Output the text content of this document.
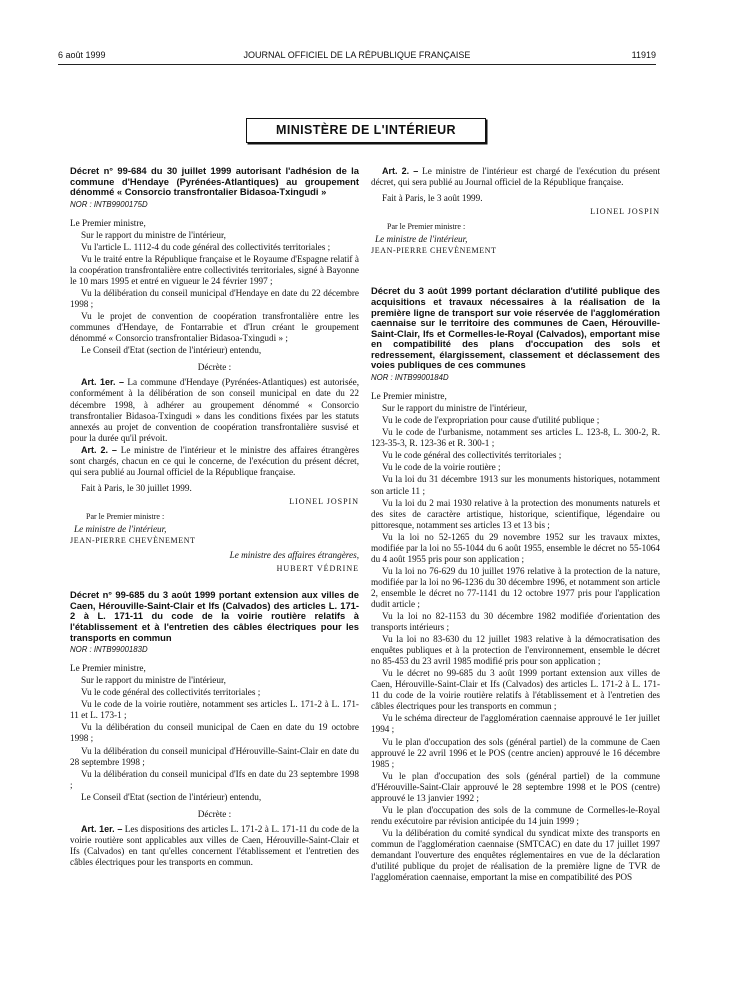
6 août 1999	JOURNAL OFFICIEL DE LA RÉPUBLIQUE FRANÇAISE	11919
MINISTÈRE DE L'INTÉRIEUR

Décret n° 99-684 du 30 juillet 1999 autorisant l'adhésion de la commune d'Hendaye (Pyrénées-Atlantiques) au groupement dénommé « Consorcio transfrontalier Bidasoa-Txingudi »

NOR : INTB9900175D

Le Premier ministre,

Sur le rapport du ministre de l'intérieur,

Vu l'article L. 1112-4 du code général des collectivités territoriales ;

Vu le traité entre la République française et le Royaume d'Espagne relatif à la coopération transfrontalière entre collectivités territoriales, signé à Bayonne le 10 mars 1995 et entré en vigueur le 24 février 1997 ;

Vu la délibération du conseil municipal d'Hendaye en date du 22 décembre 1998 ;

Vu le projet de convention de coopération transfrontalière entre les communes d'Hendaye, de Fontarrabie et d'Irun créant le groupement dénommé « Consorcio transfrontalier Bidasoa-Txingudi » ;

Le Conseil d'Etat (section de l'intérieur) entendu,

Décrète :

Art. 1er. – La commune d'Hendaye (Pyrénées-Atlantiques) est autorisée, conformément à la délibération de son conseil municipal en date du 22 décembre 1998, à adhérer au groupement dénommé « Consorcio transfrontalier Bidasoa-Txingudi » dans les conditions fixées par les statuts annexés au projet de convention de coopération transfrontalière susvisé et pour la durée qu'il prévoit.

Art. 2. – Le ministre de l'intérieur et le ministre des affaires étrangères sont chargés, chacun en ce qui le concerne, de l'exécution du présent décret, qui sera publié au Journal officiel de la République française.

Fait à Paris, le 30 juillet 1999.

LIONEL JOSPIN

Par le Premier ministre :

Le ministre de l'intérieur,

JEAN-PIERRE CHEVÈNEMENT

Le ministre des affaires étrangères,

HUBERT VÉDRINE

Décret n° 99-685 du 3 août 1999 portant extension aux villes de Caen, Hérouville-Saint-Clair et Ifs (Calvados) des articles L. 171-2 à L. 171-11 du code de la voirie routière relatifs à l'établissement et à l'entretien des câbles électriques pour les transports en commun

NOR : INTB9900183D

Le Premier ministre,

Sur le rapport du ministre de l'intérieur,

Vu le code général des collectivités territoriales ;

Vu le code de la voirie routière, notamment ses articles L. 171-2 à L. 171-11 et L. 173-1 ;

Vu la délibération du conseil municipal de Caen en date du 19 octobre 1998 ;

Vu la délibération du conseil municipal d'Hérouville-Saint-Clair en date du 28 septembre 1998 ;

Vu la délibération du conseil municipal d'Ifs en date du 23 septembre 1998 ;

Le Conseil d'Etat (section de l'intérieur) entendu,

Décrète :

Art. 1er. – Les dispositions des articles L. 171-2 à L. 171-11 du code de la voirie routière sont applicables aux villes de Caen, Hérouville-Saint-Clair et Ifs (Calvados) en tant qu'elles concernent l'établissement et l'entretien des câbles électriques pour les transports en commun.

Art. 2. – Le ministre de l'intérieur est chargé de l'exécution du présent décret, qui sera publié au Journal officiel de la République française.

Fait à Paris, le 3 août 1999.

LIONEL JOSPIN

Par le Premier ministre :

Le ministre de l'intérieur,

JEAN-PIERRE CHEVÈNEMENT

Décret du 3 août 1999 portant déclaration d'utilité publique des acquisitions et travaux nécessaires à la réalisation de la première ligne de transport sur voie réservée de l'agglomération caennaise sur le territoire des communes de Caen, Hérouville-Saint-Clair, Ifs et Cormelles-le-Royal (Calvados), emportant mise en compatibilité des plans d'occupation des sols et redressement, élargissement, classement et déclassement des voies publiques de ces communes

NOR : INTB9900184D

Le Premier ministre,

Sur le rapport du ministre de l'intérieur,

Vu le code de l'expropriation pour cause d'utilité publique ;

Vu le code de l'urbanisme, notamment ses articles L. 123-8, L. 300-2, R. 123-35-3, R. 123-36 et R. 300-1 ;

Vu le code général des collectivités territoriales ;

Vu le code de la voirie routière ;

Vu la loi du 31 décembre 1913 sur les monuments historiques, notamment son article 11 ;

Vu la loi du 2 mai 1930 relative à la protection des monuments naturels et des sites de caractère artistique, historique, scientifique, légendaire ou pittoresque, notamment ses articles 13 et 13 bis ;

Vu la loi no 52-1265 du 29 novembre 1952 sur les travaux mixtes, modifiée par la loi no 55-1044 du 6 août 1955, ensemble le décret no 55-1064 du 4 août 1955 pris pour son application ;

Vu la loi no 76-629 du 10 juillet 1976 relative à la protection de la nature, modifiée par la loi no 96-1236 du 30 décembre 1996, et notamment son article 2, ensemble le décret no 77-1141 du 12 octobre 1977 pris pour l'application dudit article ;

Vu la loi no 82-1153 du 30 décembre 1982 modifiée d'orientation des transports intérieurs ;

Vu la loi no 83-630 du 12 juillet 1983 relative à la démocratisation des enquêtes publiques et à la protection de l'environnement, ensemble le décret no 85-453 du 23 avril 1985 modifié pris pour son application ;

Vu le décret no 99-685 du 3 août 1999 portant extension aux villes de Caen, Hérouville-Saint-Clair et Ifs (Calvados) des articles L. 171-2 à L. 171-11 du code de la voirie routière relatifs à l'établissement et à l'entretien des câbles électriques pour les transports en commun ;

Vu le schéma directeur de l'agglomération caennaise approuvé le 1er juillet 1994 ;

Vu le plan d'occupation des sols (général partiel) de la commune de Caen approuvé le 22 avril 1996 et le POS (centre ancien) approuvé le 16 décembre 1985 ;

Vu le plan d'occupation des sols (général partiel) de la commune d'Hérouville-Saint-Clair approuvé le 28 septembre 1998 et le POS (centre) approuvé le 13 janvier 1992 ;

Vu le plan d'occupation des sols de la commune de Cormelles-le-Royal rendu exécutoire par révision anticipée du 14 juin 1999 ;

Vu la délibération du comité syndical du syndicat mixte des transports en commun de l'agglomération caennaise (SMTCAC) en date du 17 juillet 1997 demandant l'ouverture des enquêtes réglementaires en vue de la déclaration d'utilité publique du projet de réalisation de la première ligne de TVR de l'agglomération caennaise, emportant la mise en compatibilité des POS
